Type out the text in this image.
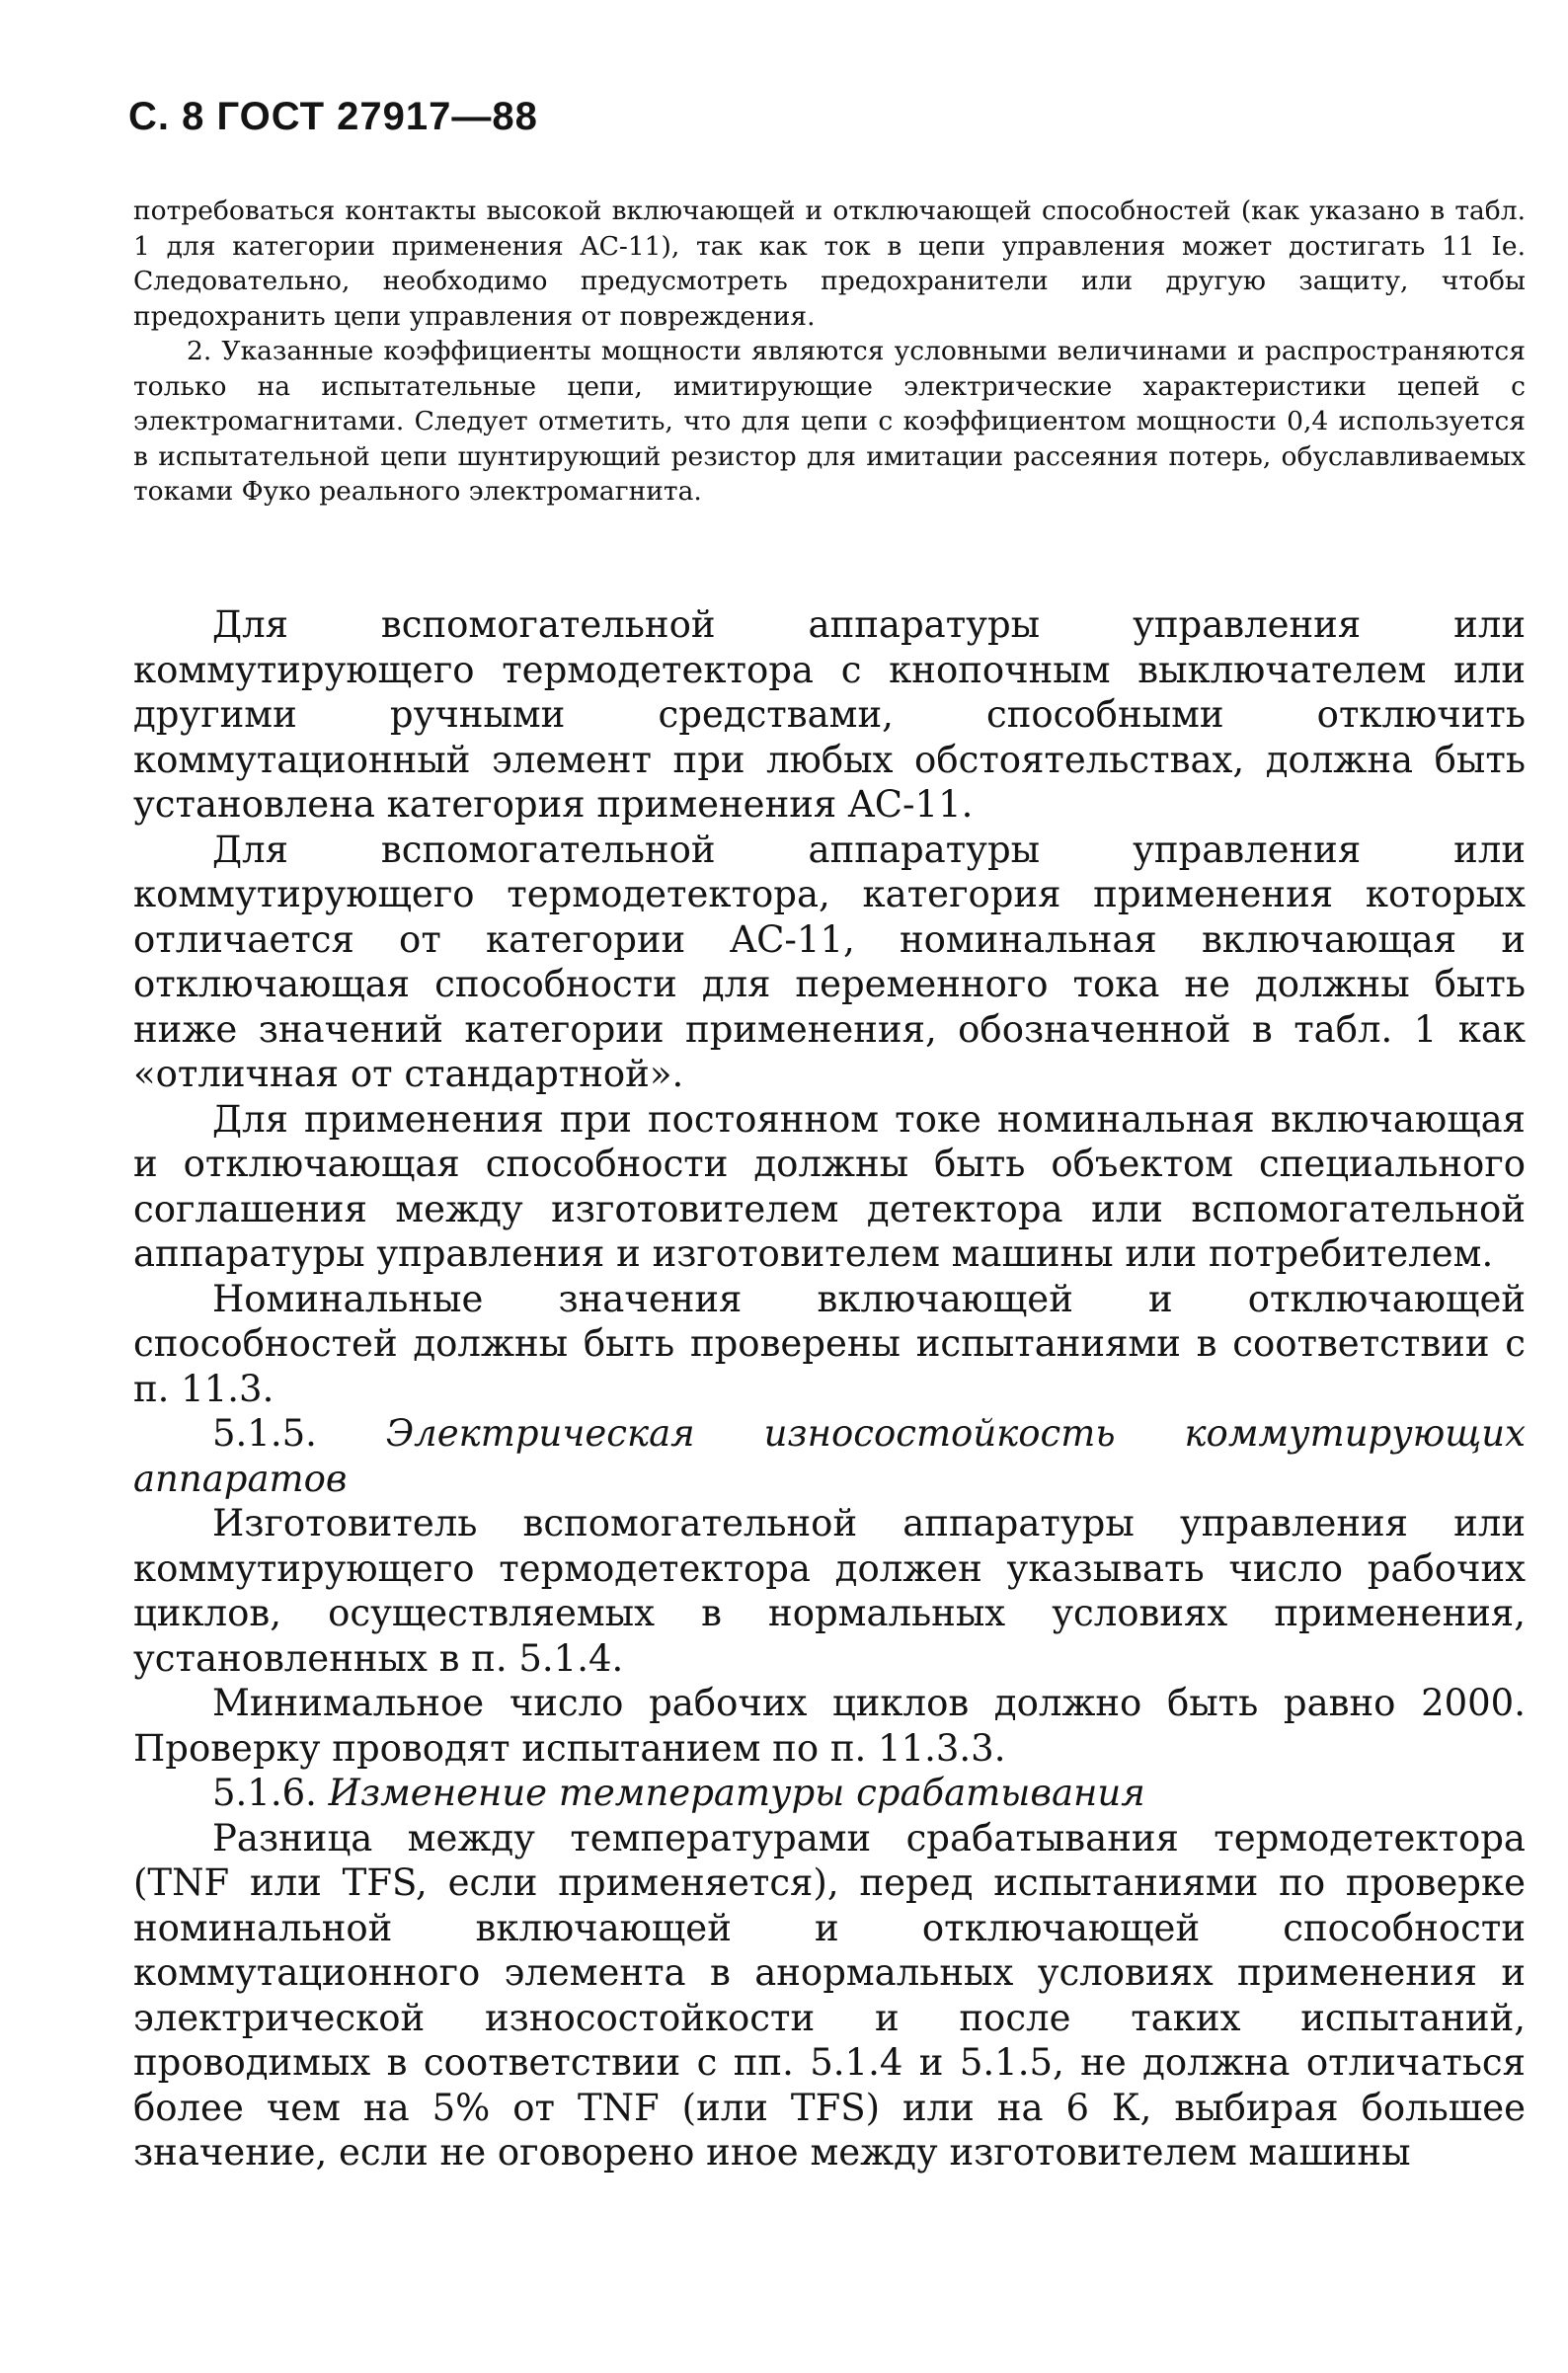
С. 8 ГОСТ 27917—88

потребоваться контакты высокой включающей и отключающей способностей (как указано в табл. 1 для категории применения AC-11), так как ток в цепи управления может достигать 11 Ie. Следовательно, необходимо предусмотреть предохранители или другую защиту, чтобы предохранить цепи управления от повреждения.

2. Указанные коэффициенты мощности являются условными величинами и распространяются только на испытательные цепи, имитирующие электрические характеристики цепей с электромагнитами. Следует отметить, что для цепи с коэффициентом мощности 0,4 используется в испытательной цепи шунтирующий резистор для имитации рассеяния потерь, обуславливаемых токами Фуко реального электромагнита.

Для вспомогательной аппаратуры управления или коммутирующего термодетектора с кнопочным выключателем или другими ручными средствами, способными отключить коммутационный элемент при любых обстоятельствах, должна быть установлена категория применения AC-11.

Для вспомогательной аппаратуры управления или коммутирующего термодетектора, категория применения которых отличается от категории AC-11, номинальная включающая и отключающая способности для переменного тока не должны быть ниже значений категории применения, обозначенной в табл. 1 как «отличная от стандартной».

Для применения при постоянном токе номинальная включающая и отключающая способности должны быть объектом специального соглашения между изготовителем детектора или вспомогательной аппаратуры управления и изготовителем машины или потребителем.

Номинальные значения включающей и отключающей способностей должны быть проверены испытаниями в соответствии с п. 11.3.

5.1.5. Электрическая износостойкость коммутирующих аппаратов

Изготовитель вспомогательной аппаратуры управления или коммутирующего термодетектора должен указывать число рабочих циклов, осуществляемых в нормальных условиях применения, установленных в п. 5.1.4.

Минимальное число рабочих циклов должно быть равно 2000. Проверку проводят испытанием по п. 11.3.3.

5.1.6. Изменение температуры срабатывания

Разница между температурами срабатывания термодетектора (TNF или TFS, если применяется), перед испытаниями по проверке номинальной включающей и отключающей способности коммутационного элемента в анормальных условиях применения и электрической износостойкости и после таких испытаний, проводимых в соответствии с пп. 5.1.4 и 5.1.5, не должна отличаться более чем на 5% от TNF (или TFS) или на 6 К, выбирая большее значение, если не оговорено иное между изготовителем машины
